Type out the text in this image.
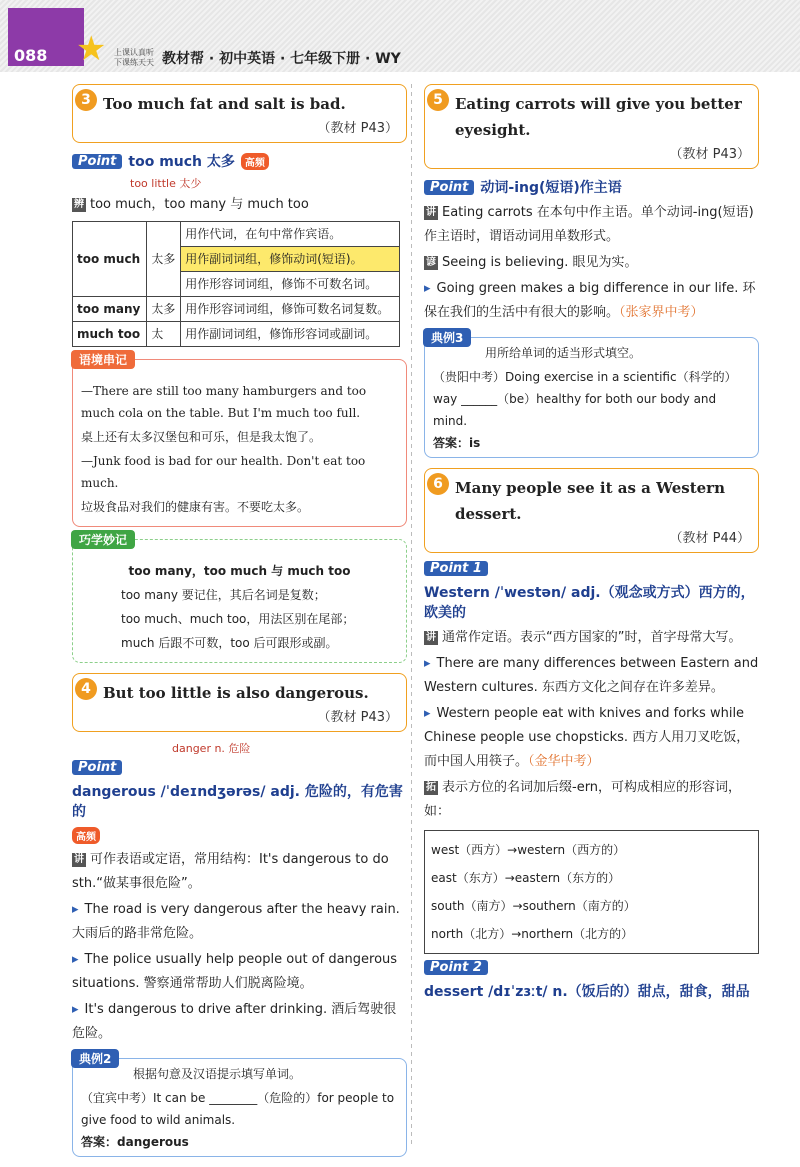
088 ★ 上课认真听 下课练天天 教材帮 · 初中英语 · 七年级下册 · WY
3 Too much fat and salt is bad.
（教材 P43）
Point too much 太多	高频
too little 太少
辨 too much，too many 与 much too
too much	太多	用作代词，在句中常作宾语。
		用作副词词组，修饰动词(短语)。
		用作形容词词组，修饰不可数名词。
too many	太多	用作形容词词组，修饰可数名词复数。
much too	太	用作副词词组，修饰形容词或副词。
语境串记
—There are still too many hamburgers and too much cola on the table. But I'm much too full.
桌上还有太多汉堡包和可乐，但是我太饱了。
—Junk food is bad for our health. Don't eat too much.
垃圾食品对我们的健康有害。不要吃太多。
巧学妙记
too many，too much 与 much too
too many 要记住，其后名词是复数；
too much、much too，用法区别在尾部；
much 后跟不可数，too 后可跟形或副。
4 But too little is also dangerous.
（教材 P43）
danger n. 危险
Point
dangerous /ˈdeɪndʒərəs/ adj. 危险的，有危害的
高频
讲 可作表语或定语，常用结构：It's dangerous to do sth.“做某事很危险”。
▸ The road is very dangerous after the heavy rain. 大雨后的路非常危险。
▸ The police usually help people out of dangerous situations. 警察通常帮助人们脱离险境。
▸ It's dangerous to drive after drinking. 酒后驾驶很危险。
典例2
根据句意及汉语提示填写单词。
（宜宾中考）It can be ________（危险的）for people to give food to wild animals.
答案：dangerous
5 Eating carrots will give you better eyesight.
（教材 P43）
Point 动词-ing(短语)作主语
讲 Eating carrots 在本句中作主语。单个动词-ing(短语)作主语时，谓语动词用单数形式。
谚 Seeing is believing. 眼见为实。
▸ Going green makes a big difference in our life. 环保在我们的生活中有很大的影响。（张家界中考）
典例3
用所给单词的适当形式填空。
（贵阳中考）Doing exercise in a scientific（科学的）way ______（be）healthy for both our body and mind.
答案：is
6 Many people see it as a Western dessert.
（教材 P44）
Point 1
Western /ˈwestən/ adj.（观念或方式）西方的，欧美的
讲 通常作定语。表示“西方国家的”时，首字母常大写。
▸ There are many differences between Eastern and Western cultures. 东西方文化之间存在许多差异。
▸ Western people eat with knives and forks while Chinese people use chopsticks. 西方人用刀叉吃饭，而中国人用筷子。（金华中考）
拓 表示方位的名词加后缀-ern，可构成相应的形容词，如：
west（西方）→western（西方的）
east（东方）→eastern（东方的）
south（南方）→southern（南方的）
north（北方）→northern（北方的）
Point 2
dessert /dɪˈzɜːt/ n.（饭后的）甜点，甜食，甜品
